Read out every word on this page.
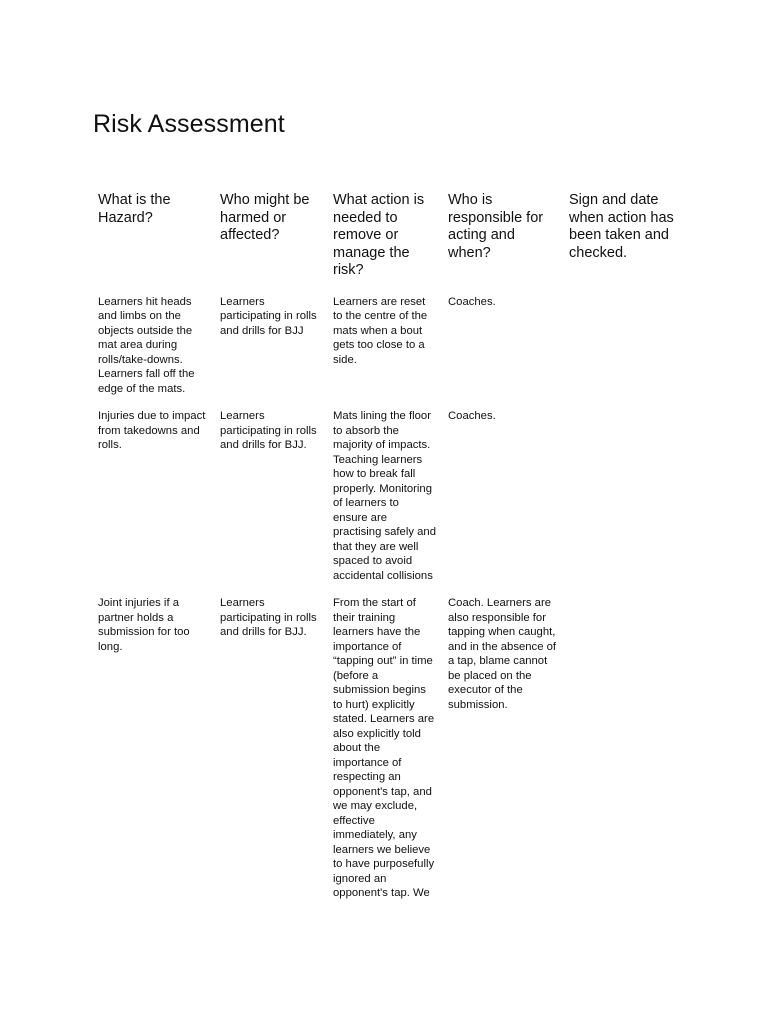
Risk Assessment
What is the Hazard?
Who might be harmed or affected?
What action is needed to remove or manage the risk?
Who is responsible for acting and when?
Sign and date when action has been taken and checked.
Learners hit heads and limbs on the objects outside the mat area during rolls/take-downs. Learners fall off the edge of the mats.
Learners participating in rolls and drills for BJJ
Learners are reset to the centre of the mats when a bout gets too close to a side.
Coaches.
Injuries due to impact from takedowns and rolls.
Learners participating in rolls and drills for BJJ.
Mats lining the floor to absorb the majority of impacts. Teaching learners how to break fall properly. Monitoring of learners to ensure are practising safely and that they are well spaced to avoid accidental collisions
Coaches.
Joint injuries if a partner holds a submission for too long.
Learners participating in rolls and drills for BJJ.
From the start of their training learners have the importance of “tapping out” in time (before a submission begins to hurt) explicitly stated. Learners are also explicitly told about the importance of respecting an opponent's tap, and we may exclude, effective immediately, any learners we believe to have purposefully ignored an opponent's tap. We
Coach. Learners are also responsible for tapping when caught, and in the absence of a tap, blame cannot be placed on the executor of the submission.
